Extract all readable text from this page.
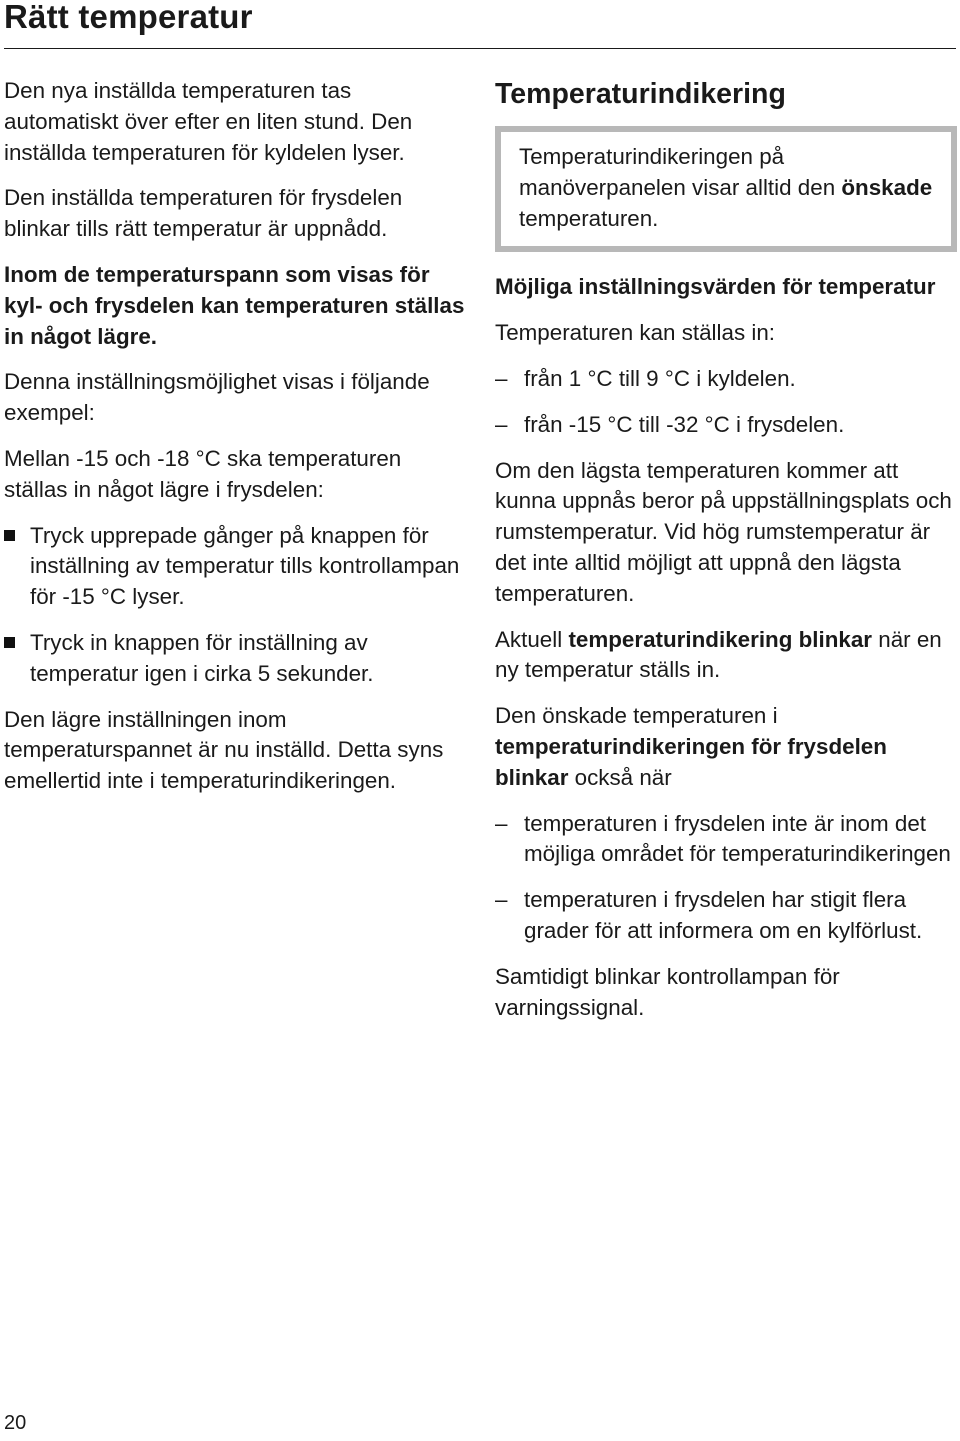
Rätt temperatur

Den nya inställda temperaturen tas automatiskt över efter en liten stund. Den inställda temperaturen för kyldelen lyser.

Den inställda temperaturen för frysdelen blinkar tills rätt temperatur är uppnådd.

Inom de temperaturspann som visas för kyl- och frysdelen kan temperaturen ställas in något lägre.

Denna inställningsmöjlighet visas i följande exempel:

Mellan -15 och -18 °C ska temperaturen ställas in något lägre i frysdelen:

Tryck upprepade gånger på knappen för inställning av temperatur tills kontrollampan för -15 °C lyser.
Tryck in knappen för inställning av temperatur igen i cirka 5 sekunder.

Den lägre inställningen inom temperaturspannet är nu inställd. Detta syns emellertid inte i temperaturindikeringen.

Temperaturindikering
Temperaturindikeringen på manöverpanelen visar alltid den önskade temperaturen.
Möjliga inställningsvärden för temperatur

Temperaturen kan ställas in:

– från 1 °C till 9 °C i kyldelen.
– från -15 °C till -32 °C i frysdelen.

Om den lägsta temperaturen kommer att kunna uppnås beror på uppställningsplats och rumstemperatur. Vid hög rumstemperatur är det inte alltid möjligt att uppnå den lägsta temperaturen.

Aktuell temperaturindikering blinkar när en ny temperatur ställs in.

Den önskade temperaturen i temperaturindikeringen för frysdelen blinkar också när

– temperaturen i frysdelen inte är inom det möjliga området för temperaturindikeringen
– temperaturen i frysdelen har stigit flera grader för att informera om en kylförlust.

Samtidigt blinkar kontrollampan för varningssignal.

20
